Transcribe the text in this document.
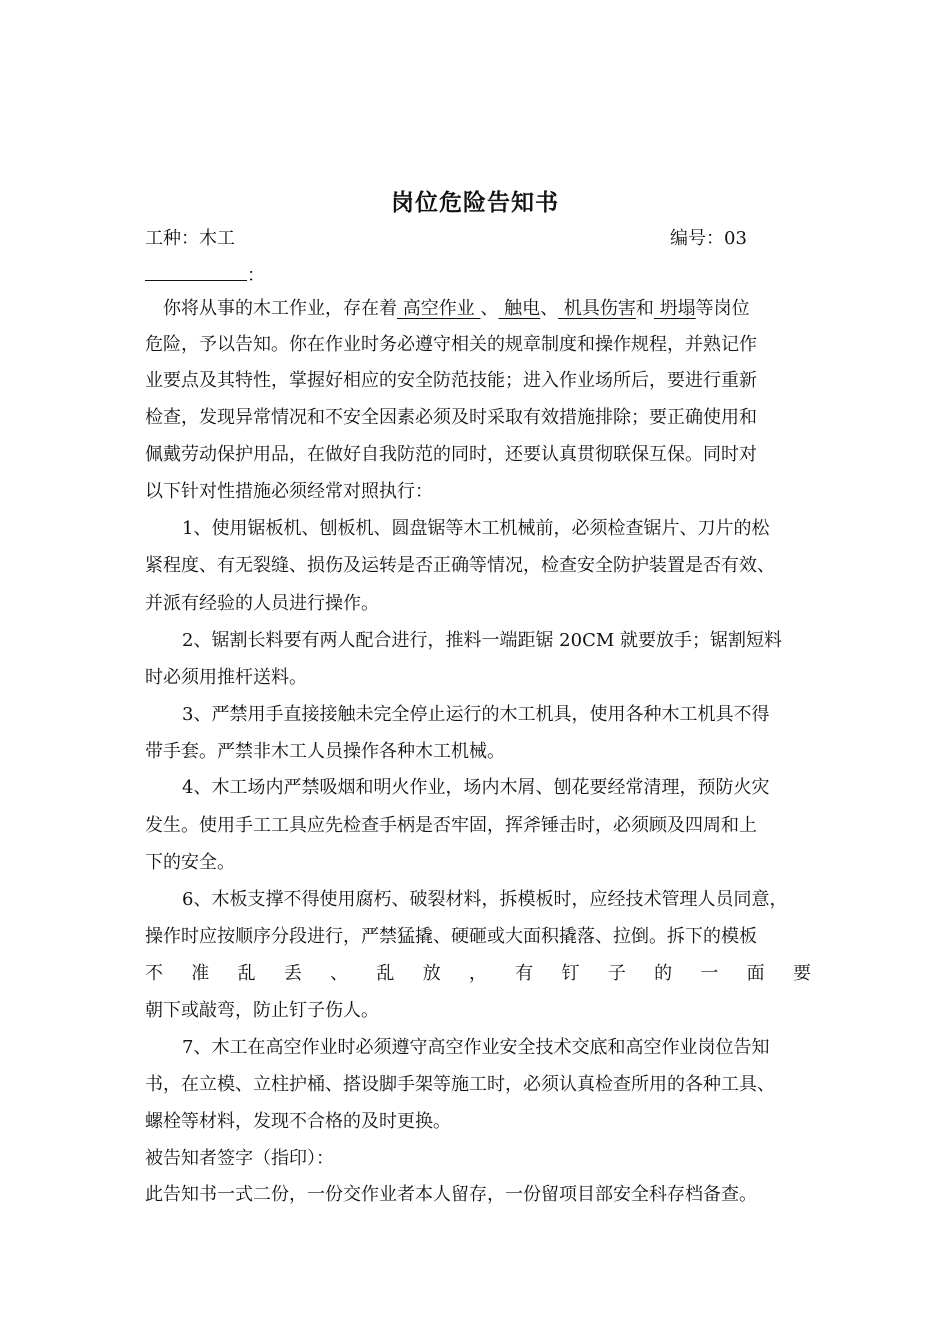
岗位危险告知书
工种：木工	编号：03
：
你将从事的木工作业，存在着 高空作业 、 触电、 机具伤害和 坍塌等岗位
危险，予以告知。你在作业时务必遵守相关的规章制度和操作规程，并熟记作
业要点及其特性，掌握好相应的安全防范技能；进入作业场所后，要进行重新
检查，发现异常情况和不安全因素必须及时采取有效措施排除；要正确使用和
佩戴劳动保护用品，在做好自我防范的同时，还要认真贯彻联保互保。同时对
以下针对性措施必须经常对照执行：
1、使用锯板机、刨板机、圆盘锯等木工机械前，必须检查锯片、刀片的松
紧程度、有无裂缝、损伤及运转是否正确等情况，检查安全防护装置是否有效、
并派有经验的人员进行操作。
2、锯割长料要有两人配合进行，推料一端距锯 20CM 就要放手；锯割短料
时必须用推杆送料。
3、严禁用手直接接触未完全停止运行的木工机具，使用各种木工机具不得
带手套。严禁非木工人员操作各种木工机械。
4、木工场内严禁吸烟和明火作业，场内木屑、刨花要经常清理，预防火灾
发生。使用手工工具应先检查手柄是否牢固，挥斧锤击时，必须顾及四周和上
下的安全。
6、木板支撑不得使用腐朽、破裂材料，拆模板时，应经技术管理人员同意，
操作时应按顺序分段进行，严禁猛撬、硬砸或大面积撬落、拉倒。拆下的模板
不 准 乱 丢 、 乱 放 ， 有 钉 子 的 一 面 要
朝下或敲弯，防止钉子伤人。
7、木工在高空作业时必须遵守高空作业安全技术交底和高空作业岗位告知
书，在立模、立柱护桶、搭设脚手架等施工时，必须认真检查所用的各种工具、
螺栓等材料，发现不合格的及时更换。
被告知者签字（指印）：
此告知书一式二份，一份交作业者本人留存，一份留项目部安全科存档备查。
